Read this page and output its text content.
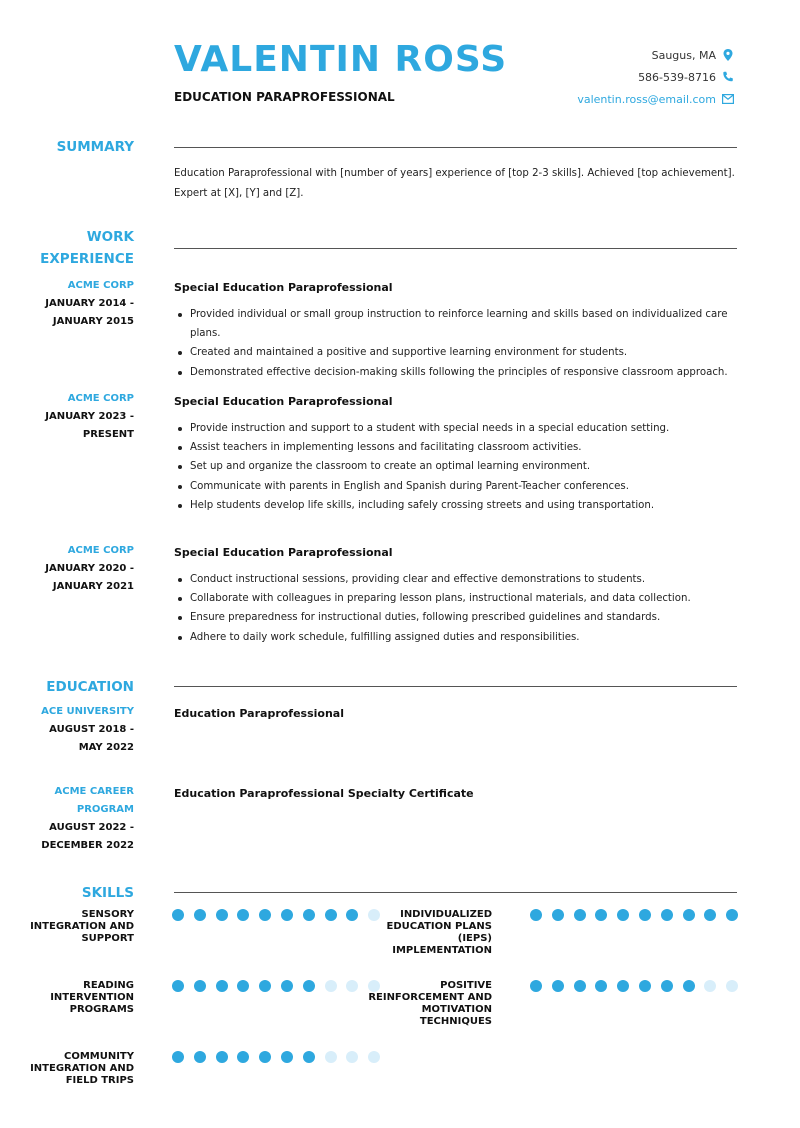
VALENTIN ROSS
EDUCATION PARAPROFESSIONAL
Saugus, MA
586-539-8716
valentin.ross@email.com
SUMMARY
Education Paraprofessional with [number of years] experience of [top 2-3 skills]. Achieved [top achievement]. Expert at [X], [Y] and [Z].
WORK
EXPERIENCE
ACME CORP
JANUARY 2014 -
JANUARY 2015
Special Education Paraprofessional
Provided individual or small group instruction to reinforce learning and skills based on individualized care plans.
Created and maintained a positive and supportive learning environment for students.
Demonstrated effective decision-making skills following the principles of responsive classroom approach.
ACME CORP
JANUARY 2023 -
PRESENT
Special Education Paraprofessional
Provide instruction and support to a student with special needs in a special education setting.
Assist teachers in implementing lessons and facilitating classroom activities.
Set up and organize the classroom to create an optimal learning environment.
Communicate with parents in English and Spanish during Parent-Teacher conferences.
Help students develop life skills, including safely crossing streets and using transportation.
ACME CORP
JANUARY 2020 -
JANUARY 2021
Special Education Paraprofessional
Conduct instructional sessions, providing clear and effective demonstrations to students.
Collaborate with colleagues in preparing lesson plans, instructional materials, and data collection.
Ensure preparedness for instructional duties, following prescribed guidelines and standards.
Adhere to daily work schedule, fulfilling assigned duties and responsibilities.
EDUCATION
ACE UNIVERSITY
AUGUST 2018 -
MAY 2022
Education Paraprofessional
ACME CAREER
PROGRAM
AUGUST 2022 -
DECEMBER 2022
Education Paraprofessional Specialty Certificate
SKILLS
SENSORY
INTEGRATION AND
SUPPORT
INDIVIDUALIZED
EDUCATION PLANS
(IEPS)
IMPLEMENTATION
READING
INTERVENTION
PROGRAMS
POSITIVE
REINFORCEMENT AND
MOTIVATION
TECHNIQUES
COMMUNITY
INTEGRATION AND
FIELD TRIPS
